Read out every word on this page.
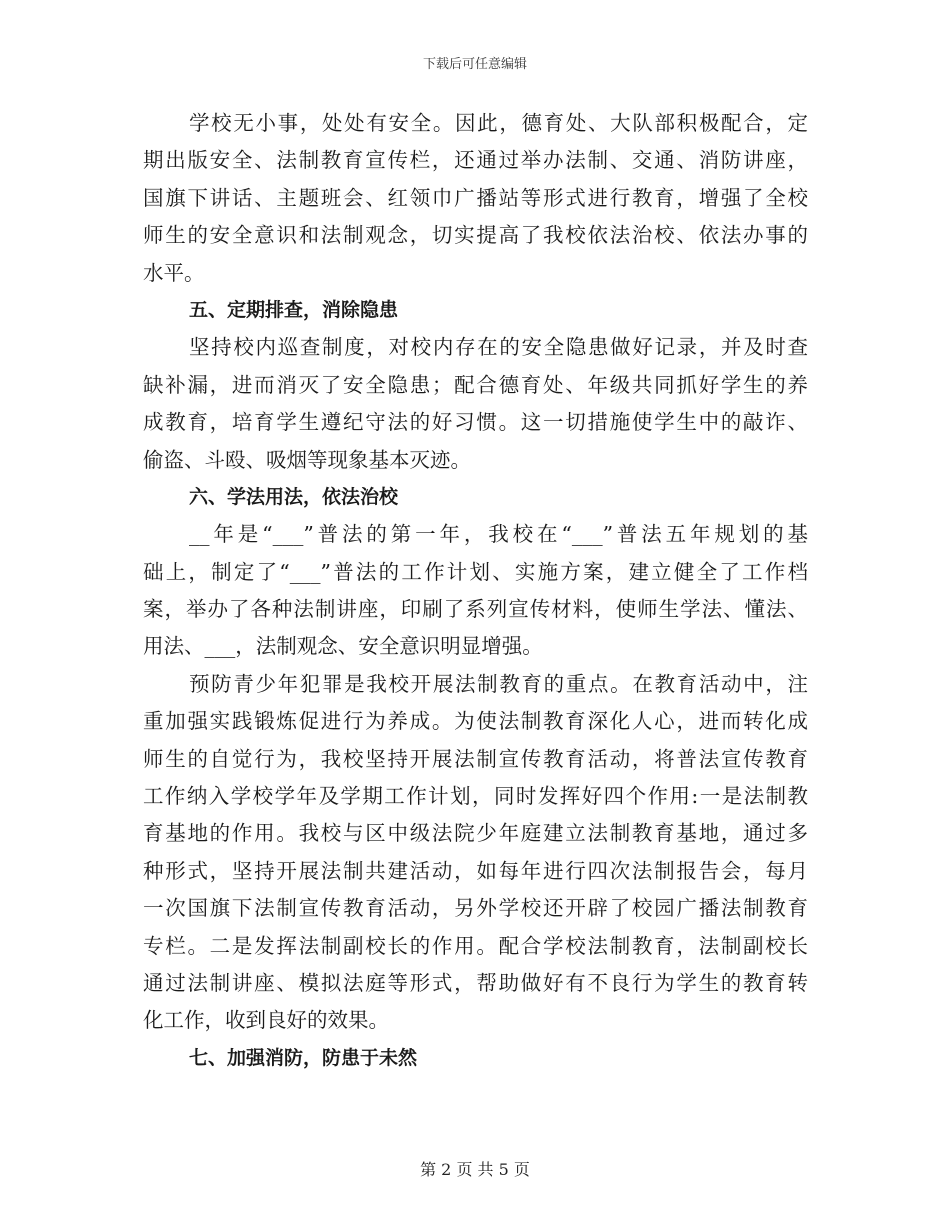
下载后可任意编辑
学校无小事，处处有安全。因此，德育处、大队部积极配合，定
期出版安全、法制教育宣传栏，还通过举办法制、交通、消防讲座，
国旗下讲话、主题班会、红领巾广播站等形式进行教育，增强了全校
师生的安全意识和法制观念，切实提高了我校依法治校、依法办事的
水平。
五、定期排查，消除隐患
坚持校内巡查制度，对校内存在的安全隐患做好记录，并及时查
缺补漏，进而消灭了安全隐患；配合德育处、年级共同抓好学生的养
成教育，培育学生遵纪守法的好习惯。这一切措施使学生中的敲诈、
偷盗、斗殴、吸烟等现象基本灭迹。
六、学法用法，依法治校
__年是“___”普法的第一年，我校在“___”普法五年规划的基
础上，制定了“___”普法的工作计划、实施方案，建立健全了工作档
案，举办了各种法制讲座，印刷了系列宣传材料，使师生学法、懂法、
用法、___，法制观念、安全意识明显增强。
预防青少年犯罪是我校开展法制教育的重点。在教育活动中，注
重加强实践锻炼促进行为养成。为使法制教育深化人心，进而转化成
师生的自觉行为，我校坚持开展法制宣传教育活动，将普法宣传教育
工作纳入学校学年及学期工作计划，同时发挥好四个作用:一是法制教
育基地的作用。我校与区中级法院少年庭建立法制教育基地，通过多
种形式，坚持开展法制共建活动，如每年进行四次法制报告会，每月
一次国旗下法制宣传教育活动，另外学校还开辟了校园广播法制教育
专栏。二是发挥法制副校长的作用。配合学校法制教育，法制副校长
通过法制讲座、模拟法庭等形式，帮助做好有不良行为学生的教育转
化工作，收到良好的效果。
七、加强消防，防患于未然
第 2 页 共 5 页
